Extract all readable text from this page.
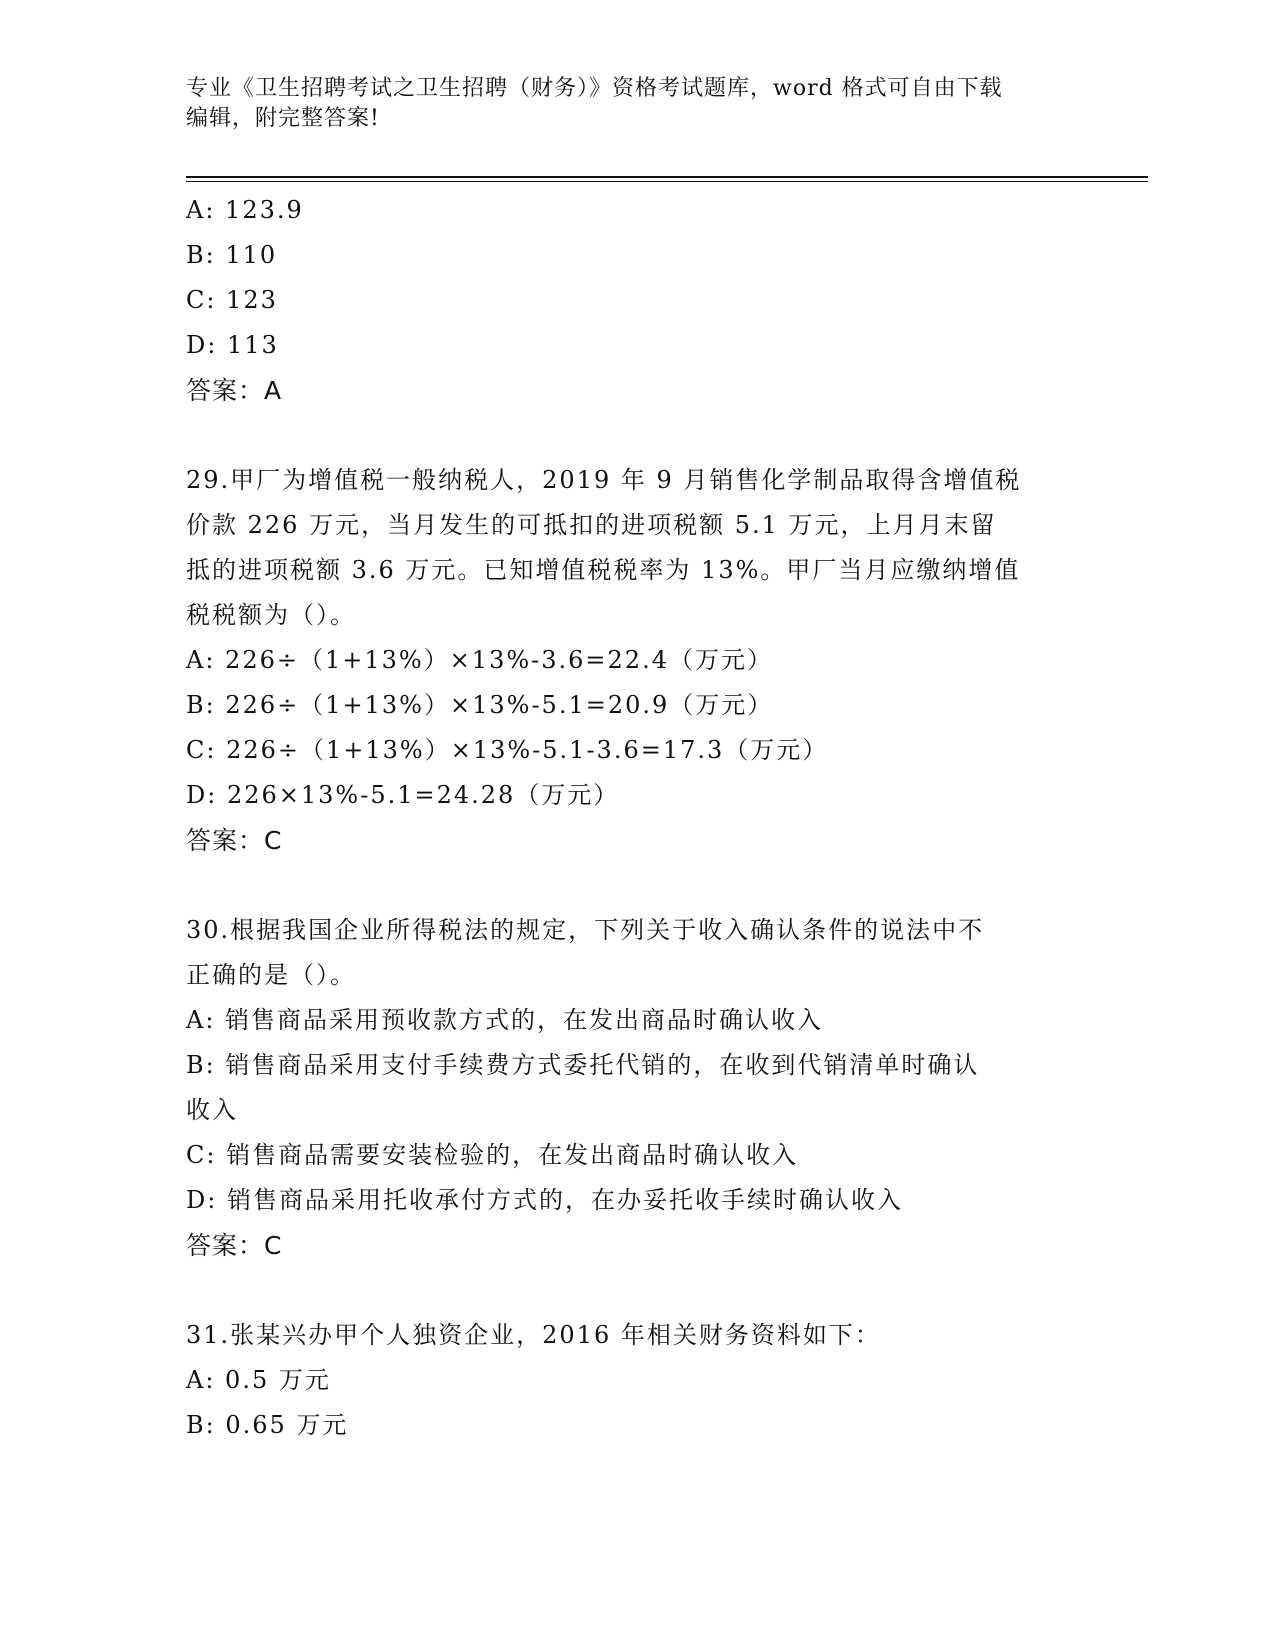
专业《卫生招聘考试之卫生招聘（财务）》资格考试题库，word 格式可自由下载
编辑，附完整答案!
A: 123.9
B: 110
C: 123
D: 113
答案：A
29.甲厂为增值税一般纳税人，2019 年 9 月销售化学制品取得含增值税
价款 226 万元，当月发生的可抵扣的进项税额 5.1 万元，上月月末留
抵的进项税额 3.6 万元。已知增值税税率为 13%。甲厂当月应缴纳增值
税税额为（）。
A: 226÷（1+13%）×13%-3.6=22.4（万元）
B: 226÷（1+13%）×13%-5.1=20.9（万元）
C: 226÷（1+13%）×13%-5.1-3.6=17.3（万元）
D: 226×13%-5.1=24.28（万元）
答案：C
30.根据我国企业所得税法的规定，下列关于收入确认条件的说法中不
正确的是（）。
A: 销售商品采用预收款方式的，在发出商品时确认收入
B: 销售商品采用支付手续费方式委托代销的，在收到代销清单时确认
收入
C: 销售商品需要安装检验的，在发出商品时确认收入
D: 销售商品采用托收承付方式的，在办妥托收手续时确认收入
答案：C
31.张某兴办甲个人独资企业，2016 年相关财务资料如下：
A: 0.5 万元
B: 0.65 万元
